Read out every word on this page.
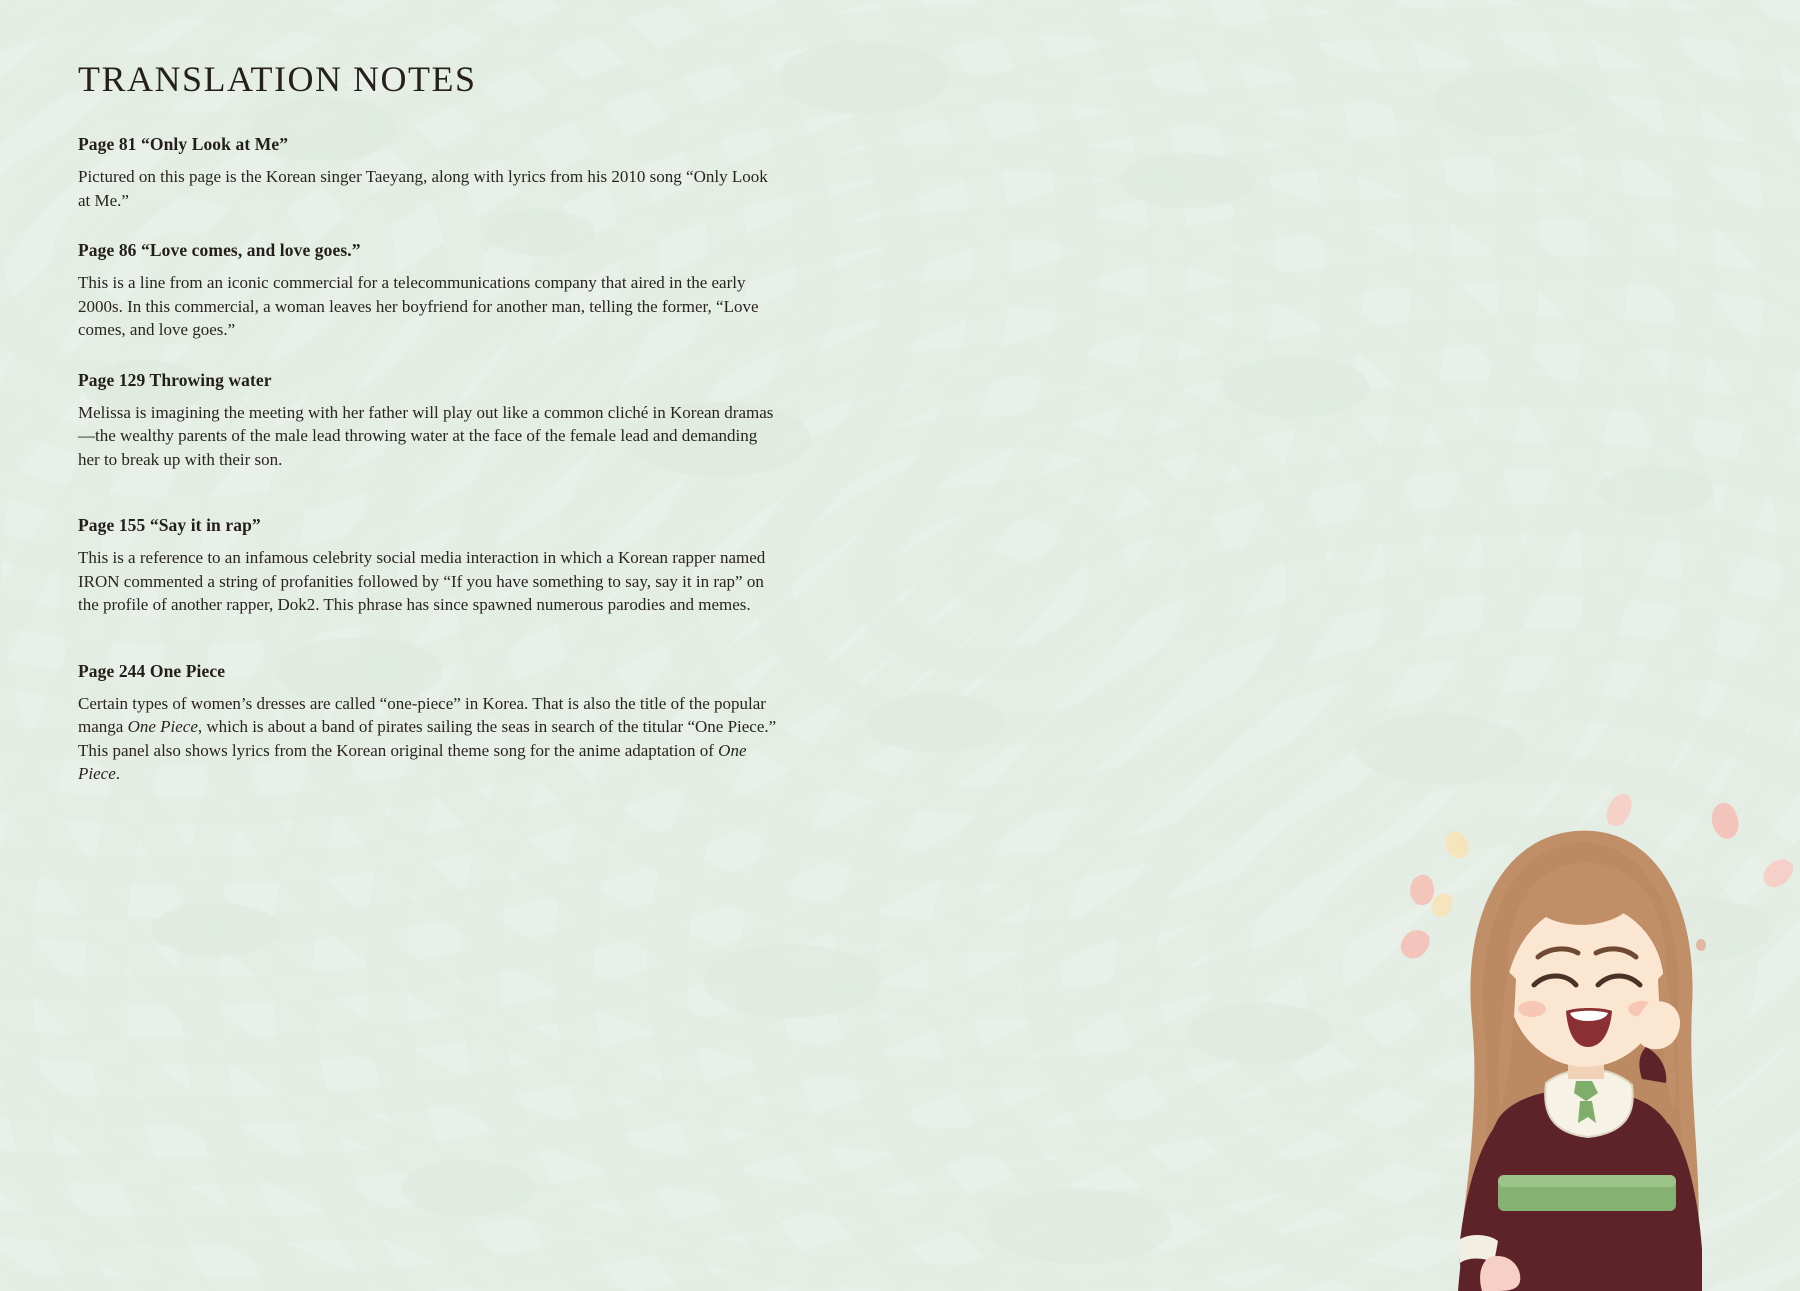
TRANSLATION NOTES

Page 81 “Only Look at Me”

Pictured on this page is the Korean singer Taeyang, along with lyrics from his 2010 song “Only Look at Me.”

Page 86 “Love comes, and love goes.”

This is a line from an iconic commercial for a telecommunications company that aired in the early 2000s. In this commercial, a woman leaves her boyfriend for another man, telling the former, “Love comes, and love goes.”

Page 129 Throwing water

Melissa is imagining the meeting with her father will play out like a common cliché in Korean dramas—the wealthy parents of the male lead throwing water at the face of the female lead and demanding her to break up with their son.

Page 155 “Say it in rap”

This is a reference to an infamous celebrity social media interaction in which a Korean rapper named IRON commented a string of profanities followed by “If you have something to say, say it in rap” on the profile of another rapper, Dok2. This phrase has since spawned numerous parodies and memes.

Page 244 One Piece

Certain types of women’s dresses are called “one-piece” in Korea. That is also the title of the popular manga One Piece, which is about a band of pirates sailing the seas in search of the titular “One Piece.” This panel also shows lyrics from the Korean original theme song for the anime adaptation of One Piece.
